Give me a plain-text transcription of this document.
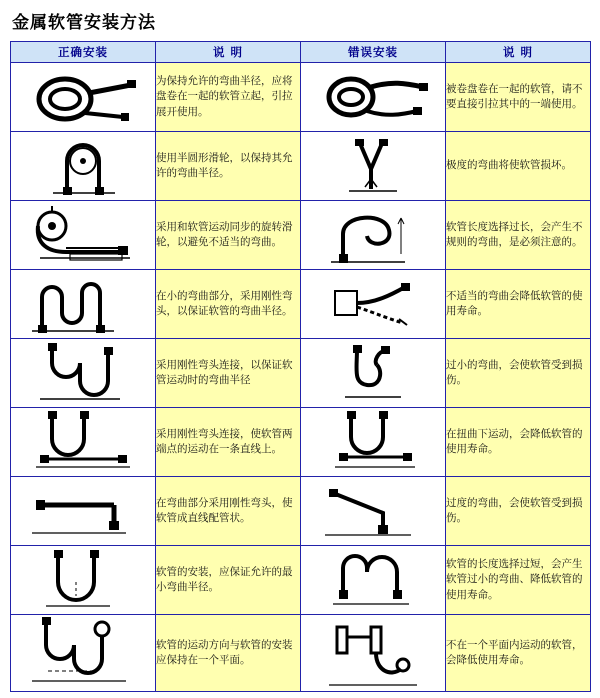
金属软管安装方法
正确安装	说 明	错误安装	说 明

	为保持允许的弯曲半径，应将盘卷在一起的软管立起，引拉展开使用。		被卷盘卷在一起的软管，请不要直接引拉其中的一端使用。

	使用半圆形滑轮，以保持其允许的弯曲半径。		极度的弯曲将使软管损坏。

	采用和软管运动同步的旋转滑轮，以避免不适当的弯曲。		软管长度选择过长，会产生不规则的弯曲，是必须注意的。

	在小的弯曲部分，采用刚性弯头，以保证软管的弯曲半径。		不适当的弯曲会降低软管的使用寿命。

	采用刚性弯头连接，以保证软管运动时的弯曲半径		过小的弯曲，会使软管受到损伤。

	采用刚性弯头连接，使软管两端点的运动在一条直线上。		在扭曲下运动，会降低软管的使用寿命。

	在弯曲部分采用刚性弯头，使软管成直线配管状。		过度的弯曲，会使软管受到损伤。

	软管的安装，应保证允许的最小弯曲半径。		软管的长度选择过短，会产生软管过小的弯曲、降低软管的使用寿命。

	软管的运动方向与软管的安装应保持在一个平面。		不在一个平面内运动的软管，会降低使用寿命。
